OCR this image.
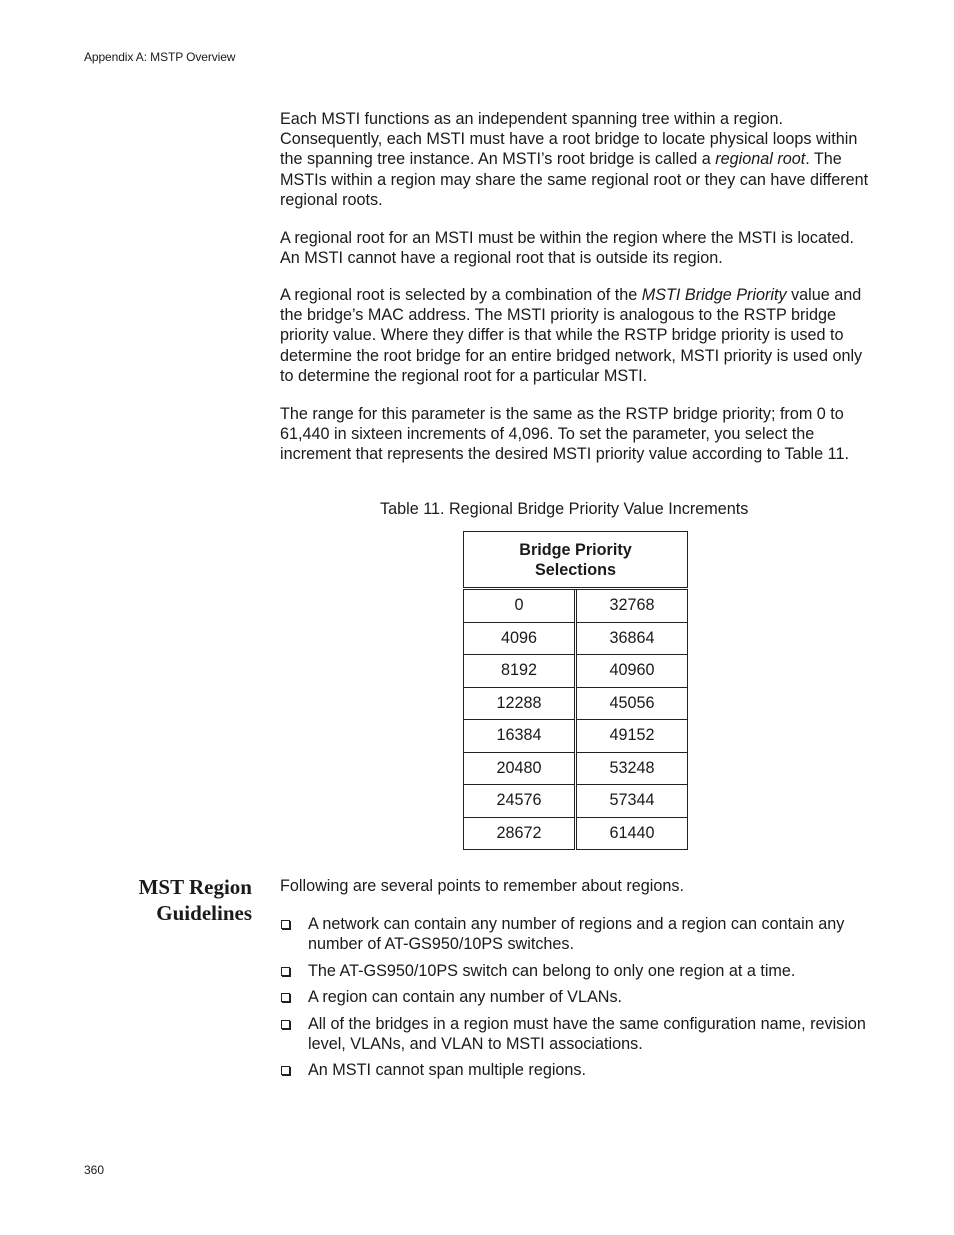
Appendix A: MSTP Overview

Each MSTI functions as an independent spanning tree within a region. Consequently, each MSTI must have a root bridge to locate physical loops within the spanning tree instance. An MSTI’s root bridge is called a regional root. The MSTIs within a region may share the same regional root or they can have different regional roots.

A regional root for an MSTI must be within the region where the MSTI is located. An MSTI cannot have a regional root that is outside its region.

A regional root is selected by a combination of the MSTI Bridge Priority value and the bridge’s MAC address. The MSTI priority is analogous to the RSTP bridge priority value. Where they differ is that while the RSTP bridge priority is used to determine the root bridge for an entire bridged network, MSTI priority is used only to determine the regional root for a particular MSTI.

The range for this parameter is the same as the RSTP bridge priority; from 0 to 61,440 in sixteen increments of 4,096. To set the parameter, you select the increment that represents the desired MSTI priority value according to Table 11.

Table 11. Regional Bridge Priority Value Increments
Bridge Priority
Selections	
0	32768
4096	36864
8192	40960
12288	45056
16384	49152
20480	53248
24576	57344
28672	61440
MST Region
Guidelines
Following are several points to remember about regions.
A network can contain any number of regions and a region can contain any number of AT-GS950/10PS switches.
The AT-GS950/10PS switch can belong to only one region at a time.
A region can contain any number of VLANs.
All of the bridges in a region must have the same configuration name, revision level, VLANs, and VLAN to MSTI associations.
An MSTI cannot span multiple regions.
360
